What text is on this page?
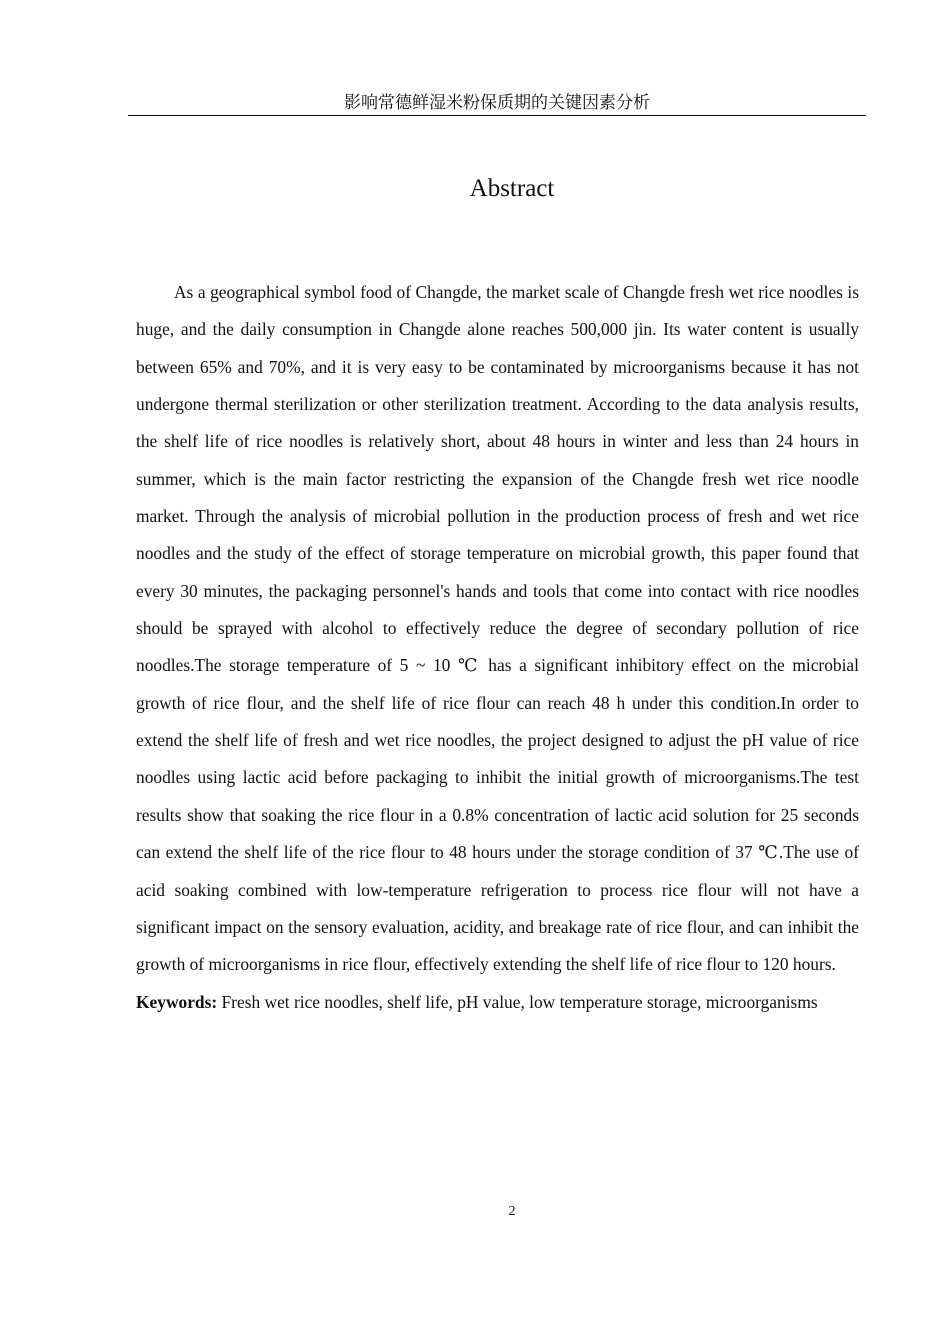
影响常德鲜湿米粉保质期的关键因素分析
Abstract

As a geographical symbol food of Changde, the market scale of Changde fresh wet rice noodles is huge, and the daily consumption in Changde alone reaches 500,000 jin. Its water content is usually between 65% and 70%, and it is very easy to be contaminated by microorganisms because it has not undergone thermal sterilization or other sterilization treatment. According to the data analysis results, the shelf life of rice noodles is relatively short, about 48 hours in winter and less than 24 hours in summer, which is the main factor restricting the expansion of the Changde fresh wet rice noodle market. Through the analysis of microbial pollution in the production process of fresh and wet rice noodles and the study of the effect of storage temperature on microbial growth, this paper found that every 30 minutes, the packaging personnel's hands and tools that come into contact with rice noodles should be sprayed with alcohol to effectively reduce the degree of secondary pollution of rice noodles.The storage temperature of 5 ~ 10 ℃ has a significant inhibitory effect on the microbial growth of rice flour, and the shelf life of rice flour can reach 48 h under this condition.In order to extend the shelf life of fresh and wet rice noodles, the project designed to adjust the pH value of rice noodles using lactic acid before packaging to inhibit the initial growth of microorganisms.The test results show that soaking the rice flour in a 0.8% concentration of lactic acid solution for 25 seconds can extend the shelf life of the rice flour to 48 hours under the storage condition of 37 ℃.The use of acid soaking combined with low-temperature refrigeration to process rice flour will not have a significant impact on the sensory evaluation, acidity, and breakage rate of rice flour, and can inhibit the growth of microorganisms in rice flour, effectively extending the shelf life of rice flour to 120 hours.

Keywords: Fresh wet rice noodles, shelf life, pH value, low temperature storage, microorganisms
2
